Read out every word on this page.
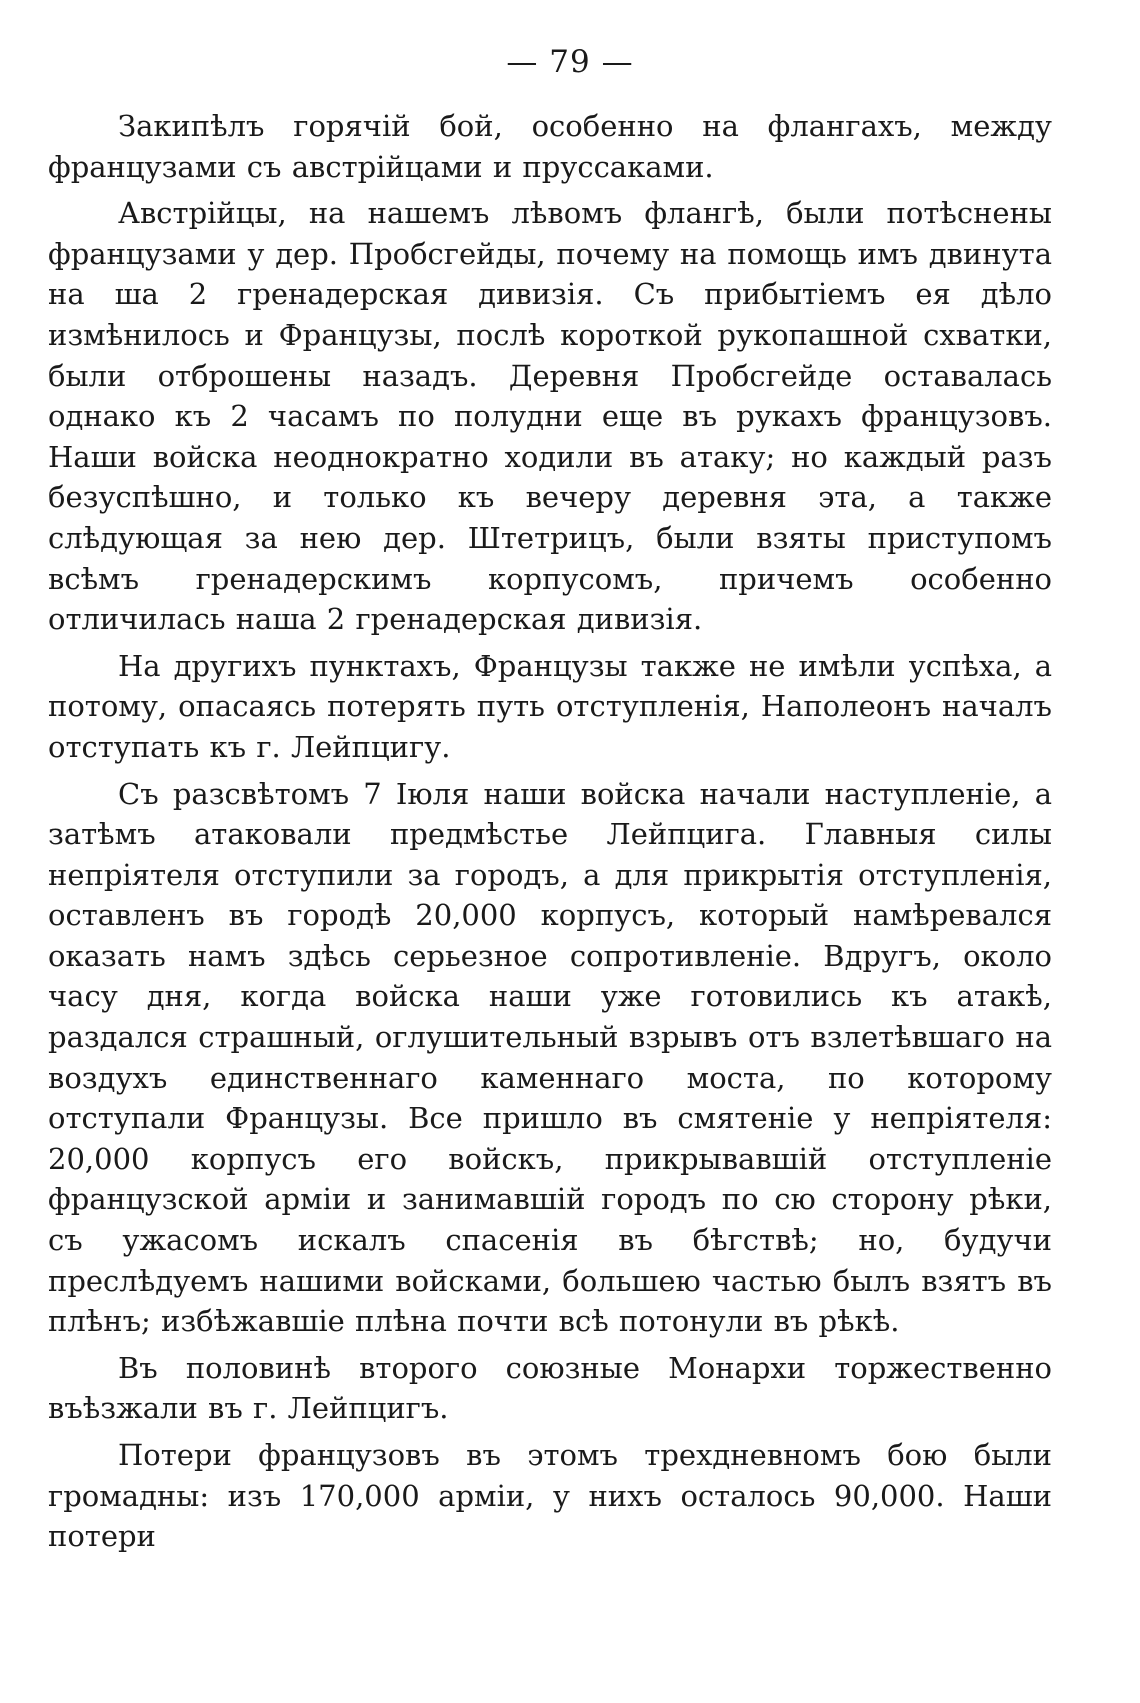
— 79 —

Закипѣлъ горячій бой, особенно на флангахъ, между французами съ австрійцами и пруссаками.

Австрійцы, на нашемъ лѣвомъ флангѣ, были потѣснены французами у дер. Пробсгейды, почему на помощь имъ двинута на ша 2 гренадерская дивизія. Съ прибытіемъ ея дѣло измѣнилось и Французы, послѣ короткой рукопашной схватки, были отброшены назадъ. Деревня Пробсгейде оставалась однако къ 2 часамъ по полудни еще въ рукахъ французовъ. Наши войска неоднократно ходили въ атаку; но каждый разъ безуспѣшно, и только къ вечеру деревня эта, а также слѣдующая за нею дер. Штетрицъ, были взяты приступомъ всѣмъ гренадерскимъ корпусомъ, причемъ особенно отличилась наша 2 гренадерская дивизія.

На другихъ пунктахъ, Французы также не имѣли успѣха, а потому, опасаясь потерять путь отступленія, Наполеонъ началъ отступать къ г. Лейпцигу.

Съ разсвѣтомъ 7 Іюля наши войска начали наступленіе, а затѣмъ атаковали предмѣстье Лейпцига. Главныя силы непріятеля отступили за городъ, а для прикрытія отступленія, оставленъ въ городѣ 20,000 корпусъ, который намѣревался оказать намъ здѣсь серьезное сопротивленіе. Вдругъ, около часу дня, когда войска наши уже готовились къ атакѣ, раздался страшный, оглушительный взрывъ отъ взлетѣвшаго на воздухъ единственнаго каменнаго моста, по которому отступали Французы. Все пришло въ смятеніе у непріятеля: 20,000 корпусъ его войскъ, прикрывавшій отступленіе французской арміи и занимавшій городъ по сю сторону рѣки, съ ужасомъ искалъ спасенія въ бѣгствѣ; но, будучи преслѣдуемъ нашими войсками, большею частью былъ взятъ въ плѣнъ; избѣжавшіе плѣна почти всѣ потонули въ рѣкѣ.

Въ половинѣ второго союзные Монархи торжественно въѣзжали въ г. Лейпцигъ.

Потери французовъ въ этомъ трехдневномъ бою были громадны: изъ 170,000 арміи, у нихъ осталось 90,000. Наши потери
